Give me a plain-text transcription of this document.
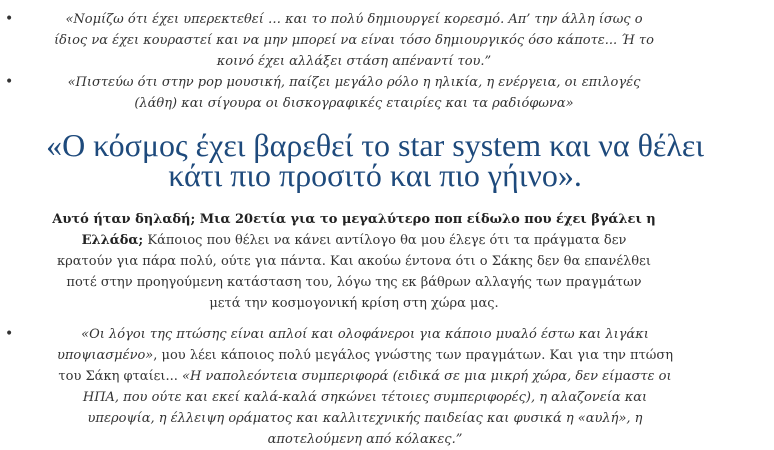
•	«Νομίζω ότι έχει υπερεκτεθεί … και το πολύ δημιουργεί κορεσμό. Απ’ την άλλη ίσως ο ίδιος να έχει κουραστεί και να μην μπορεί να είναι τόσο δημιουργικός όσο κάποτε... Ή το κοινό έχει αλλάξει στάση απέναντί του.”
•	«Πιστεύω ότι στην pop μουσική, παίζει μεγάλο ρόλο η ηλικία, η ενέργεια, οι επιλογές (λάθη) και σίγουρα οι δισκογραφικές εταιρίες και τα ραδιόφωνα»

«Ο κόσμος έχει βαρεθεί το star system και να θέλει κάτι πιο προσιτό και πιο γήινο».

Αυτό ήταν δηλαδή; Μια 20ετία για το μεγαλύτερο ποπ είδωλο που έχει βγάλει η Ελλάδα; Κάποιος που θέλει να κάνει αντίλογο θα μου έλεγε ότι τα πράγματα δεν κρατούν για πάρα πολύ, ούτε για πάντα. Και ακούω έντονα ότι ο Σάκης δεν θα επανέλθει ποτέ στην προηγούμενη κατάσταση του, λόγω της εκ βάθρων αλλαγής των πραγμάτων μετά την κοσμογονική κρίση στη χώρα μας.

•	«Οι λόγοι της πτώσης είναι απλοί και ολοφάνεροι για κάποιο μυαλό έστω και λιγάκι υποψιασμένο», μου λέει κάποιος πολύ μεγάλος γνώστης των πραγμάτων. Και για την πτώση του Σάκη φταίει... «Η ναπολεόντεια συμπεριφορά (ειδικά σε μια μικρή χώρα, δεν είμαστε οι ΗΠΑ, που ούτε και εκεί καλά-καλά σηκώνει τέτοιες συμπεριφορές), η αλαζονεία και υπεροψία, η έλλειψη οράματος και καλλιτεχνικής παιδείας και φυσικά η «αυλή», η αποτελούμενη από κόλακες.”
